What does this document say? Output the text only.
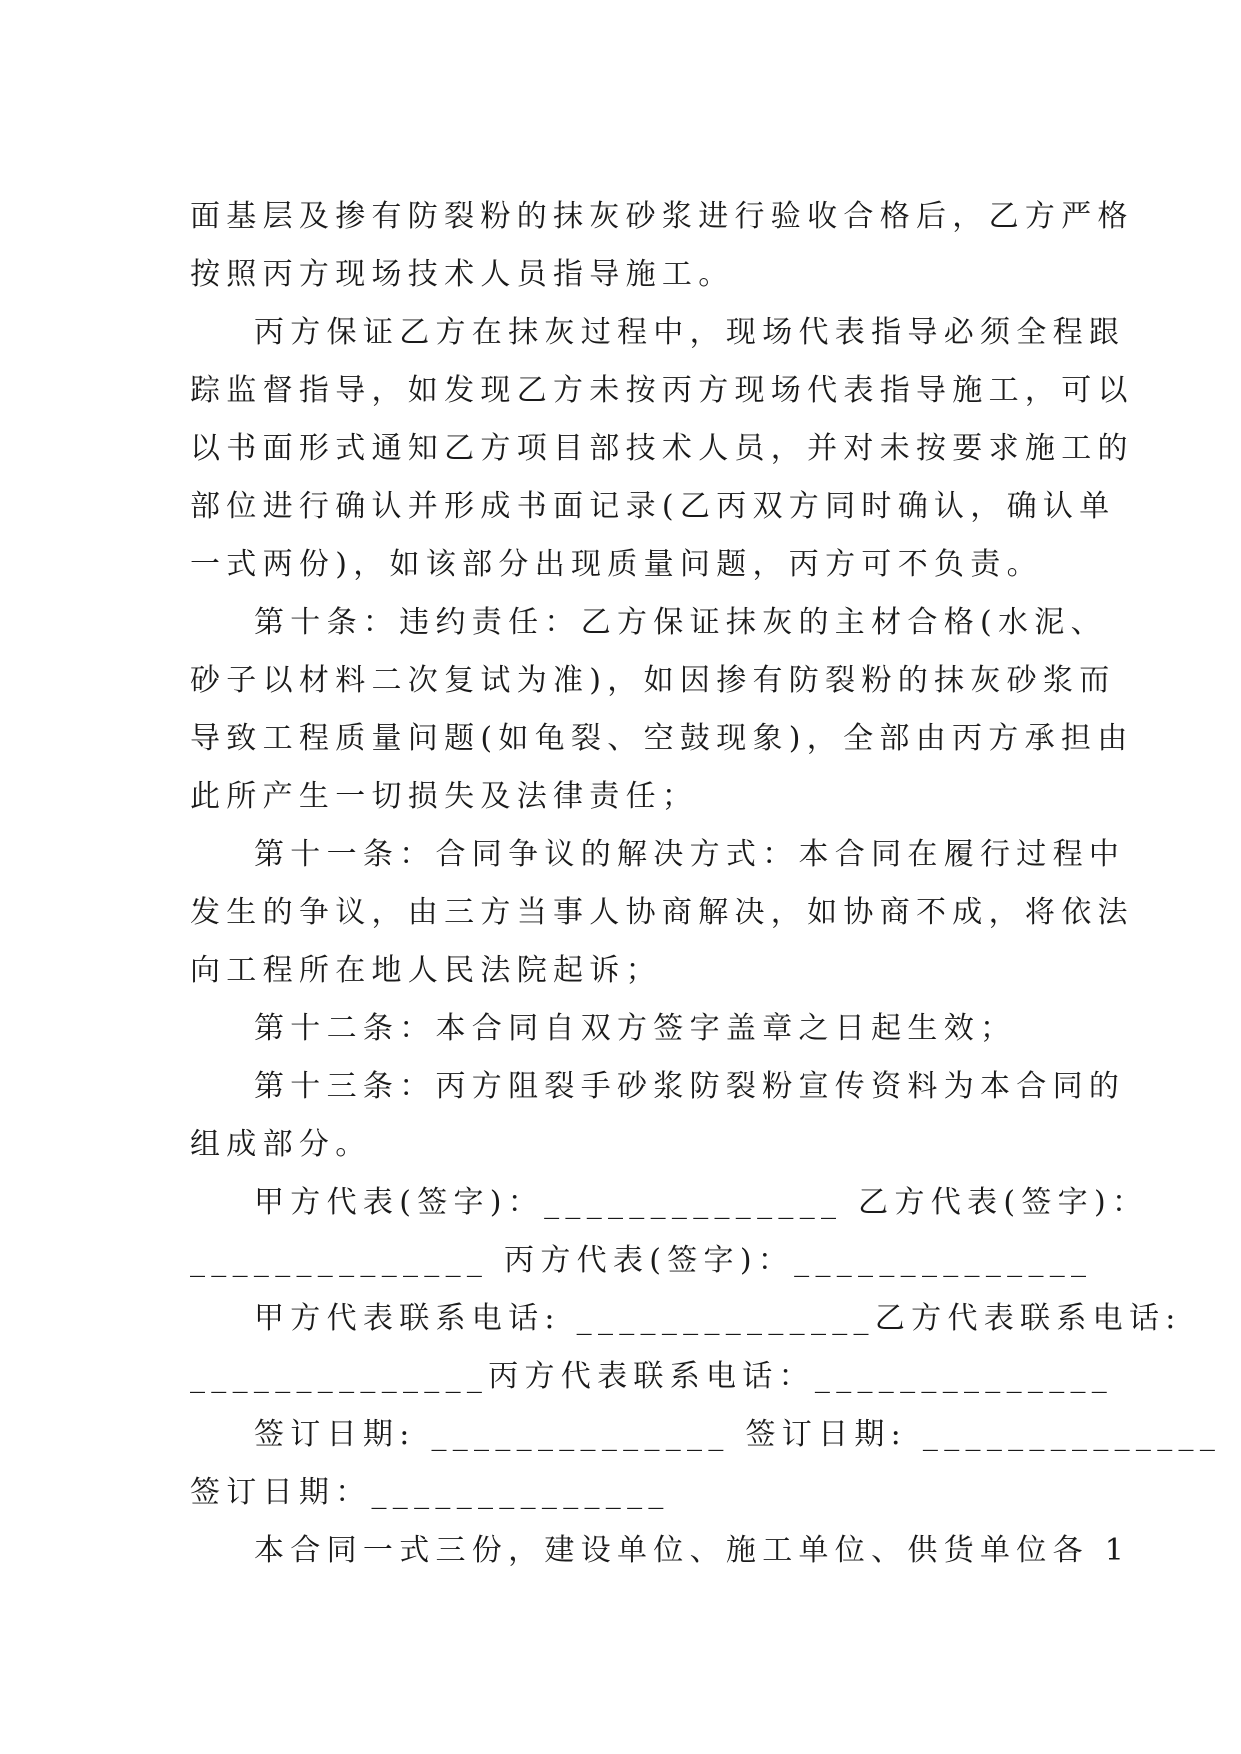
面基层及掺有防裂粉的抹灰砂浆进行验收合格后，乙方严格

按照丙方现场技术人员指导施工。

丙方保证乙方在抹灰过程中，现场代表指导必须全程跟

踪监督指导，如发现乙方未按丙方现场代表指导施工，可以

以书面形式通知乙方项目部技术人员，并对未按要求施工的

部位进行确认并形成书面记录(乙丙双方同时确认，确认单

一式两份)，如该部分出现质量问题，丙方可不负责。

第十条：违约责任：乙方保证抹灰的主材合格(水泥、

砂子以材料二次复试为准)，如因掺有防裂粉的抹灰砂浆而

导致工程质量问题(如龟裂、空鼓现象)，全部由丙方承担由

此所产生一切损失及法律责任；

第十一条：合同争议的解决方式：本合同在履行过程中

发生的争议，由三方当事人协商解决，如协商不成，将依法

向工程所在地人民法院起诉；

第十二条：本合同自双方签字盖章之日起生效；

第十三条：丙方阻裂手砂浆防裂粉宣传资料为本合同的

组成部分。

甲方代表(签字)：______________ 乙方代表(签字)：

______________ 丙方代表(签字)：______________

甲方代表联系电话: ______________乙方代表联系电话:

______________丙方代表联系电话：______________

签订日期: ______________ 签订日期: ______________

签订日期：______________

本合同一式三份，建设单位、施工单位、供货单位各 1
